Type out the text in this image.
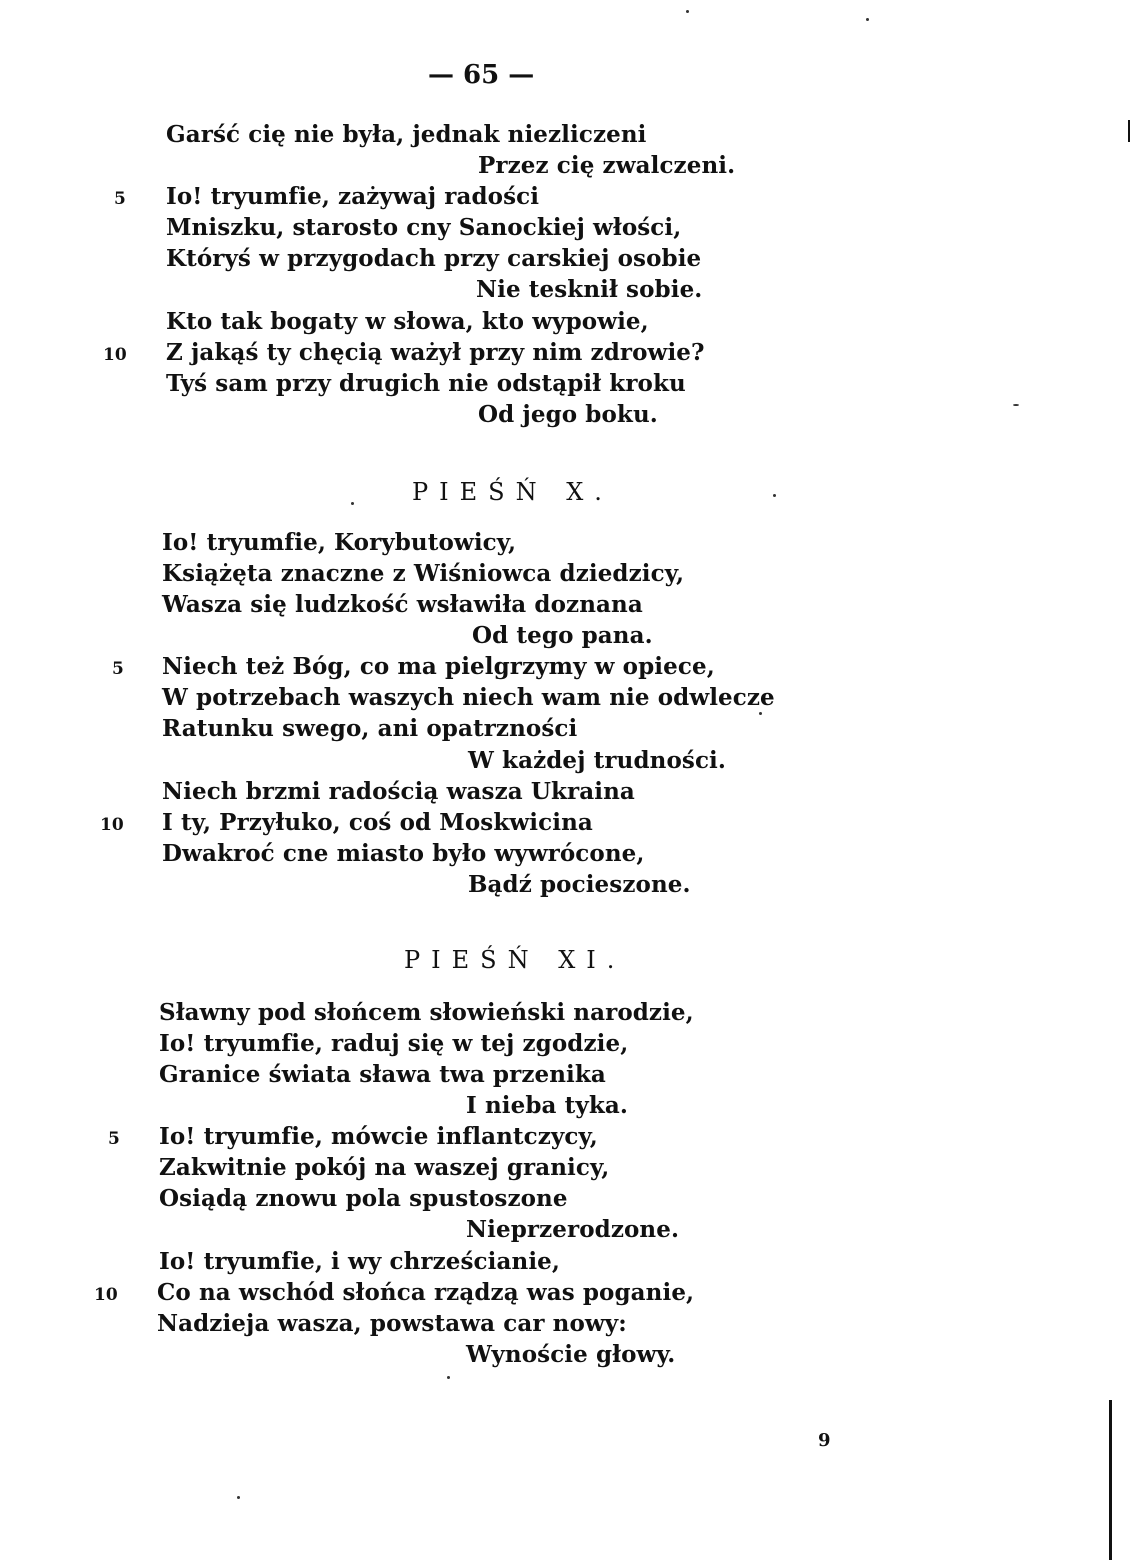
— 65 —
Garść cię nie była, jednak niezliczeni
Przez cię zwalczeni.
5 Io! tryumfie, zażywaj radości
Mniszku, starosto cny Sanockiej włości,
Któryś w przygodach przy carskiej osobie
Nie tesknił sobie.
Kto tak bogaty w słowa, kto wypowie,
10 Z jakąś ty chęcią ważył przy nim zdrowie?
Tyś sam przy drugich nie odstąpił kroku
Od jego boku.
PIEŚŃ X.
Io! tryumfie, Korybutowicy,
Książęta znaczne z Wiśniowca dziedzicy,
Wasza się ludzkość wsławiła doznana
Od tego pana.
5 Niech też Bóg, co ma pielgrzymy w opiece,
W potrzebach waszych niech wam nie odwlecze
Ratunku swego, ani opatrzności
W każdej trudności.
Niech brzmi radością wasza Ukraina
10 I ty, Przyłuko, coś od Moskwicina
Dwakroć cne miasto było wywrócone,
Bądź pocieszone.
PIEŚŃ XI.
Sławny pod słońcem słowieński narodzie,
Io! tryumfie, raduj się w tej zgodzie,
Granice świata sława twa przenika
I nieba tyka.
5 Io! tryumfie, mówcie inflantczycy,
Zakwitnie pokój na waszej granicy,
Osiądą znowu pola spustoszone
Nieprzerodzone.
Io! tryumfie, i wy chrześcianie,
10 Co na wschód słońca rządzą was poganie,
Nadzieja wasza, powstawa car nowy:
Wynoście głowy.
9
